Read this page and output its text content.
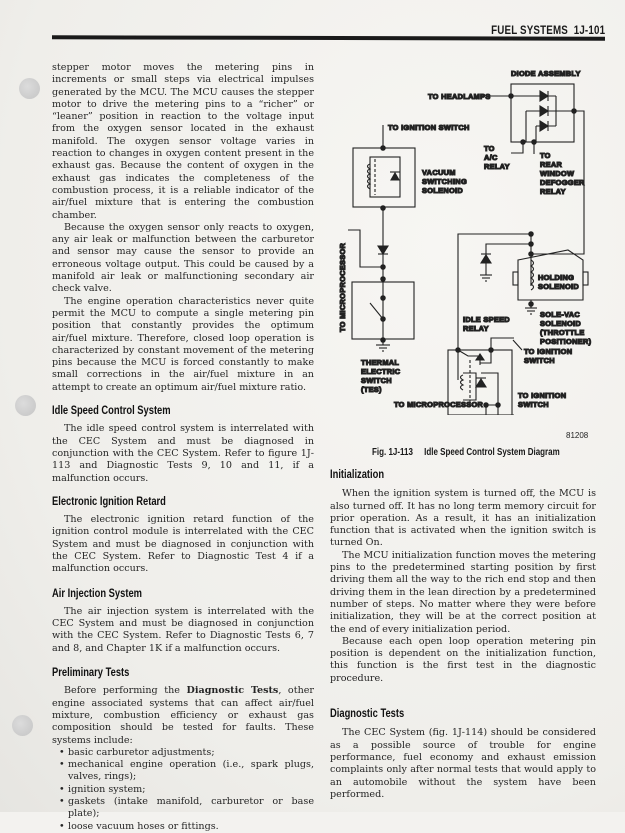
FUEL SYSTEMS 1J-101

stepper motor moves the metering pins in increments or small steps via electrical impulses generated by the MCU. The MCU causes the stepper motor to drive the metering pins to a “richer” or “leaner” position in reaction to the voltage input from the oxygen sensor located in the exhaust manifold. The oxygen sensor voltage varies in reaction to changes in oxygen content present in the exhaust gas. Because the content of oxygen in the exhaust gas indicates the completeness of the combustion process, it is a reliable indicator of the air/fuel mixture that is entering the combustion chamber.

Because the oxygen sensor only reacts to oxygen, any air leak or malfunction between the carburetor and sensor may cause the sensor to provide an erroneous voltage output. This could be caused by a manifold air leak or malfunctioning secondary air check valve.

The engine operation characteristics never quite permit the MCU to compute a single metering pin position that constantly provides the optimum air/fuel mixture. Therefore, closed loop operation is characterized by constant movement of the metering pins because the MCU is forced constantly to make small corrections in the air/fuel mixture in an attempt to create an optimum air/fuel mixture ratio.

Idle Speed Control System

The idle speed control system is interrelated with the CEC System and must be diagnosed in conjunction with the CEC System. Refer to figure 1J-113 and Diagnostic Tests 9, 10 and 11, if a malfunction occurs.

Electronic Ignition Retard

The electronic ignition retard function of the ignition control module is interrelated with the CEC System and must be diagnosed in conjunction with the CEC System. Refer to Diagnostic Test 4 if a malfunction occurs.

Air Injection System

The air injection system is interrelated with the CEC System and must be diagnosed in conjunction with the CEC System. Refer to Diagnostic Tests 6, 7 and 8, and Chapter 1K if a malfunction occurs.

Preliminary Tests

Before performing the Diagnostic Tests, other engine associated systems that can affect air/fuel mixture, combustion efficiency or exhaust gas composition should be tested for faults. These systems include:

• basic carburetor adjustments;
• mechanical engine operation (i.e., spark plugs, valves, rings);
• ignition system;
• gaskets (intake manifold, carburetor or base plate);
• loose vacuum hoses or fittings.
DIODE ASSEMBLY
TO HEADLAMPS
TO IGNITION SWITCH
TO
A/C
RELAY
TO
REAR
WINDOW
DEFOGGER
RELAY
VACUUM
SWITCHING
SOLENOID
TO MICROPROCESSOR	HOLDING
SOLENOID
IDLE SPEED
RELAY
SOLE-VAC
SOLENOID
(THROTTLE
POSITIONER)
TO IGNITION
SWITCH
THERMAL
ELECTRIC
SWITCH
(TES)
TO MICROPROCESSOR
TO IGNITION
SWITCH
81208
Fig. 1J-113 Idle Speed Control System Diagram
Initialization

When the ignition system is turned off, the MCU is also turned off. It has no long term memory circuit for prior operation. As a result, it has an initialization function that is activated when the ignition switch is turned On.

The MCU initialization function moves the metering pins to the predetermined starting position by first driving them all the way to the rich end stop and then driving them in the lean direction by a predetermined number of steps. No matter where they were before initialization, they will be at the correct position at the end of every initialization period.

Because each open loop operation metering pin position is dependent on the initialization function, this function is the first test in the diagnostic procedure.

Diagnostic Tests

The CEC System (fig. 1J-114) should be considered as a possible source of trouble for engine performance, fuel economy and exhaust emission complaints only after normal tests that would apply to an automobile without the system have been performed.
